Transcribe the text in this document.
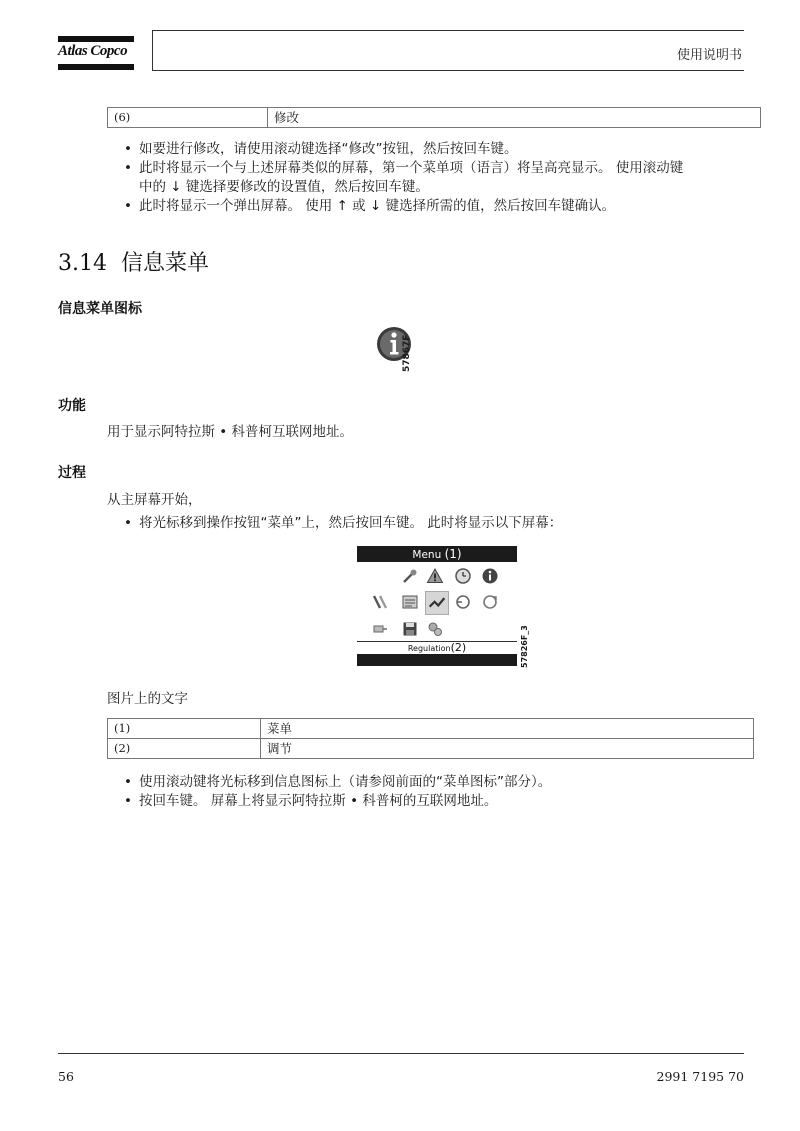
Atlas Copco	使用说明书
(6)	修改
• 如要进行修改，请使用滚动键选择“修改”按钮，然后按回车键。
• 此时将显示一个与上述屏幕类似的屏幕，第一个菜单项（语言）将呈高亮显示。 使用滚动键
中的 ↓ 键选择要修改的设置值，然后按回车键。
• 此时将显示一个弹出屏幕。 使用 ↑ 或 ↓ 键选择所需的值，然后按回车键确认。
3.14 信息菜单
信息菜单图标
57867F
功能
用于显示阿特拉斯 • 科普柯互联网地址。
过程
从主屏幕开始，
• 将光标移到操作按钮“菜单”上，然后按回车键。 此时将显示以下屏幕：
Menu (1)
Regulation(2)	57826F_3
图片上的文字
(1)	菜单
(2)	调节
• 使用滚动键将光标移到信息图标上（请参阅前面的“菜单图标”部分）。
• 按回车键。 屏幕上将显示阿特拉斯 • 科普柯的互联网地址。
56	2991 7195 70
